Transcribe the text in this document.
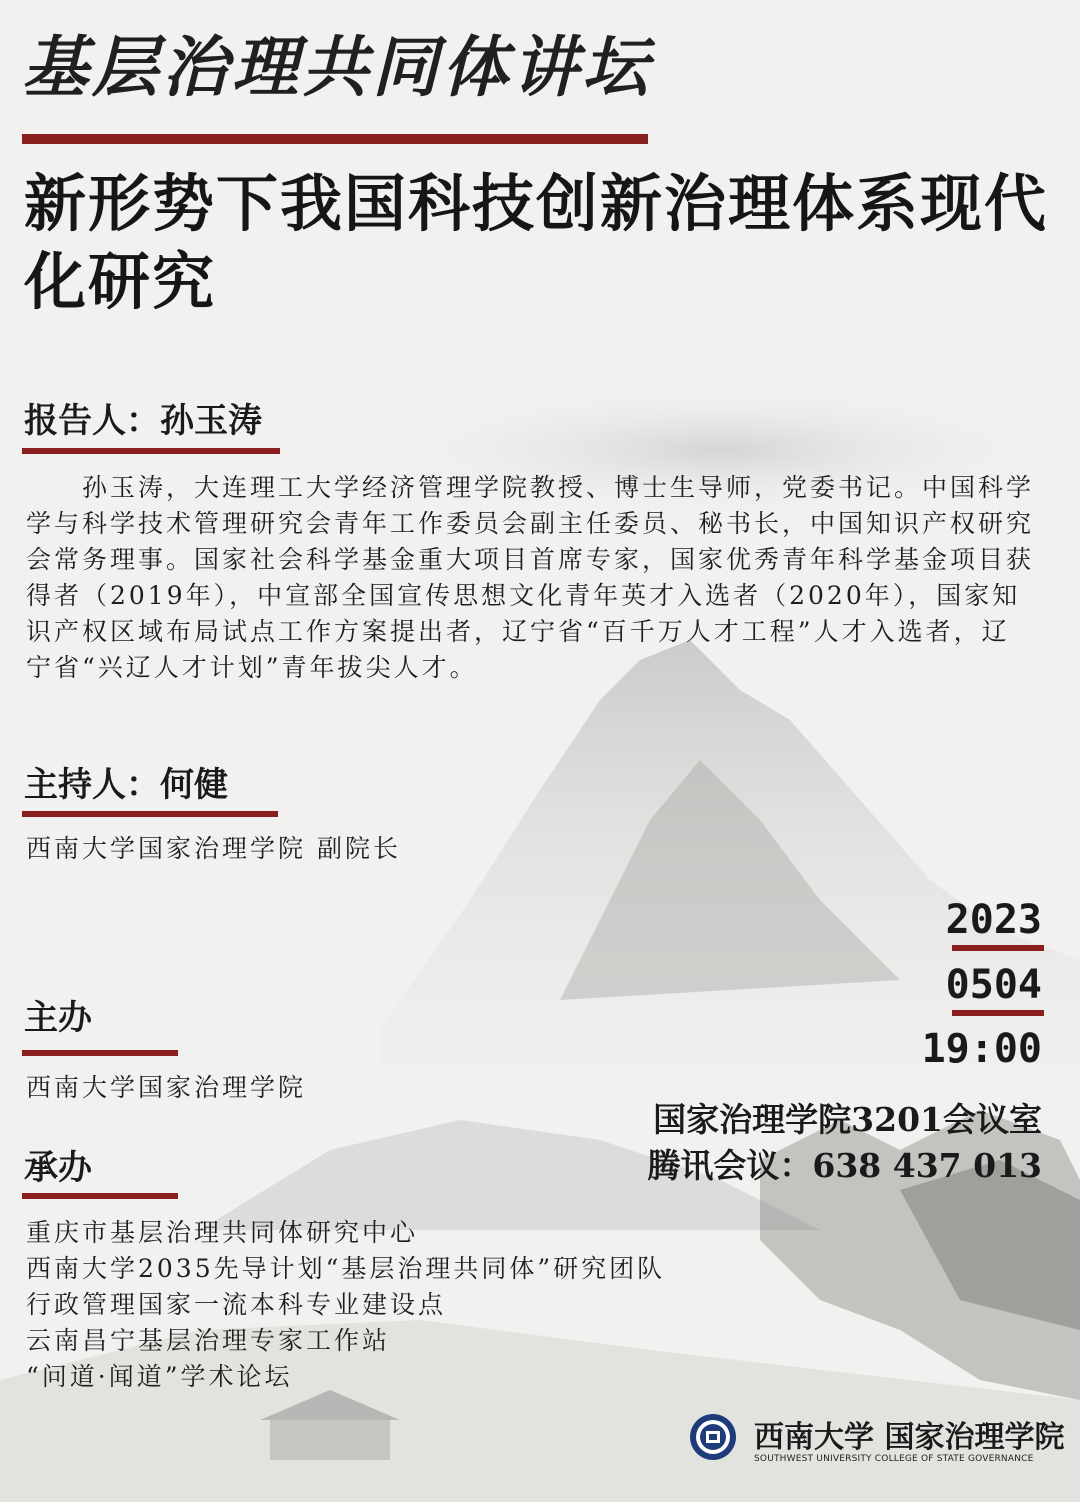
基层治理共同体讲坛
新形势下我国科技创新治理体系现代化研究
报告人：孙玉涛
孙玉涛，大连理工大学经济管理学院教授、博士生导师，党委书记。中国科学学与科学技术管理研究会青年工作委员会副主任委员、秘书长，中国知识产权研究会常务理事。国家社会科学基金重大项目首席专家，国家优秀青年科学基金项目获得者（2019年），中宣部全国宣传思想文化青年英才入选者（2020年），国家知识产权区域布局试点工作方案提出者，辽宁省“百千万人才工程”人才入选者，辽宁省“兴辽人才计划”青年拔尖人才。
主持人：何健
西南大学国家治理学院 副院长
2023
0504
19:00
主办
西南大学国家治理学院
国家治理学院3201会议室
腾讯会议：638 437 013
承办

重庆市基层治理共同体研究中心

西南大学2035先导计划“基层治理共同体”研究团队

行政管理国家一流本科专业建设点

云南昌宁基层治理专家工作站

“问道·闻道”学术论坛

西南大学 国家治理学院
SOUTHWEST UNIVERSITY COLLEGE OF STATE GOVERNANCE
